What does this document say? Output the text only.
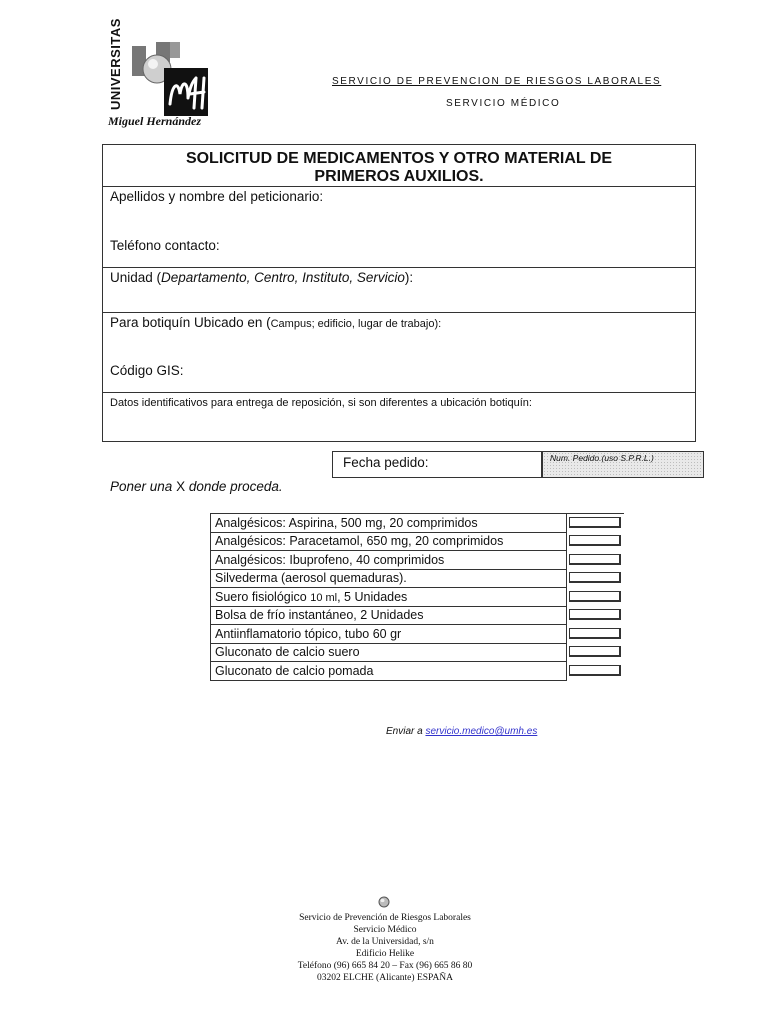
UNIVERSITAS
Miguel Hernández
SERVICIO DE PREVENCION DE RIESGOS LABORALES
SERVICIO MÉDICO
SOLICITUD DE MEDICAMENTOS Y OTRO MATERIAL DE
PRIMEROS AUXILIOS.
Apellidos y nombre del peticionario:
Teléfono contacto:
Unidad (Departamento, Centro, Instituto, Servicio):
Para botiquín Ubicado en (Campus; edificio, lugar de trabajo):
Código GIS:
Datos identificativos para entrega de reposición, si son diferentes a ubicación botiquín:
Fecha pedido:	Num. Pedido.(uso S.P.R.L.)
Poner una X donde proceda.
Analgésicos: Aspirina, 500 mg, 20 comprimidos	

Analgésicos: Paracetamol, 650 mg, 20 comprimidos	

Analgésicos: Ibuprofeno, 40 comprimidos	

Silvederma (aerosol quemaduras).	

Suero fisiológico 10 ml, 5 Unidades	

Bolsa de frío instantáneo, 2 Unidades	

Antiinflamatorio tópico, tubo 60 gr	

Gluconato de calcio suero	

Gluconato de calcio pomada	
Enviar a servicio.medico@umh.es
Servicio de Prevención de Riesgos Laborales
Servicio Médico
Av. de la Universidad, s/n
Edificio Helike
Teléfono (96) 665 84 20 – Fax (96) 665 86 80
03202 ELCHE (Alicante) ESPAÑA
